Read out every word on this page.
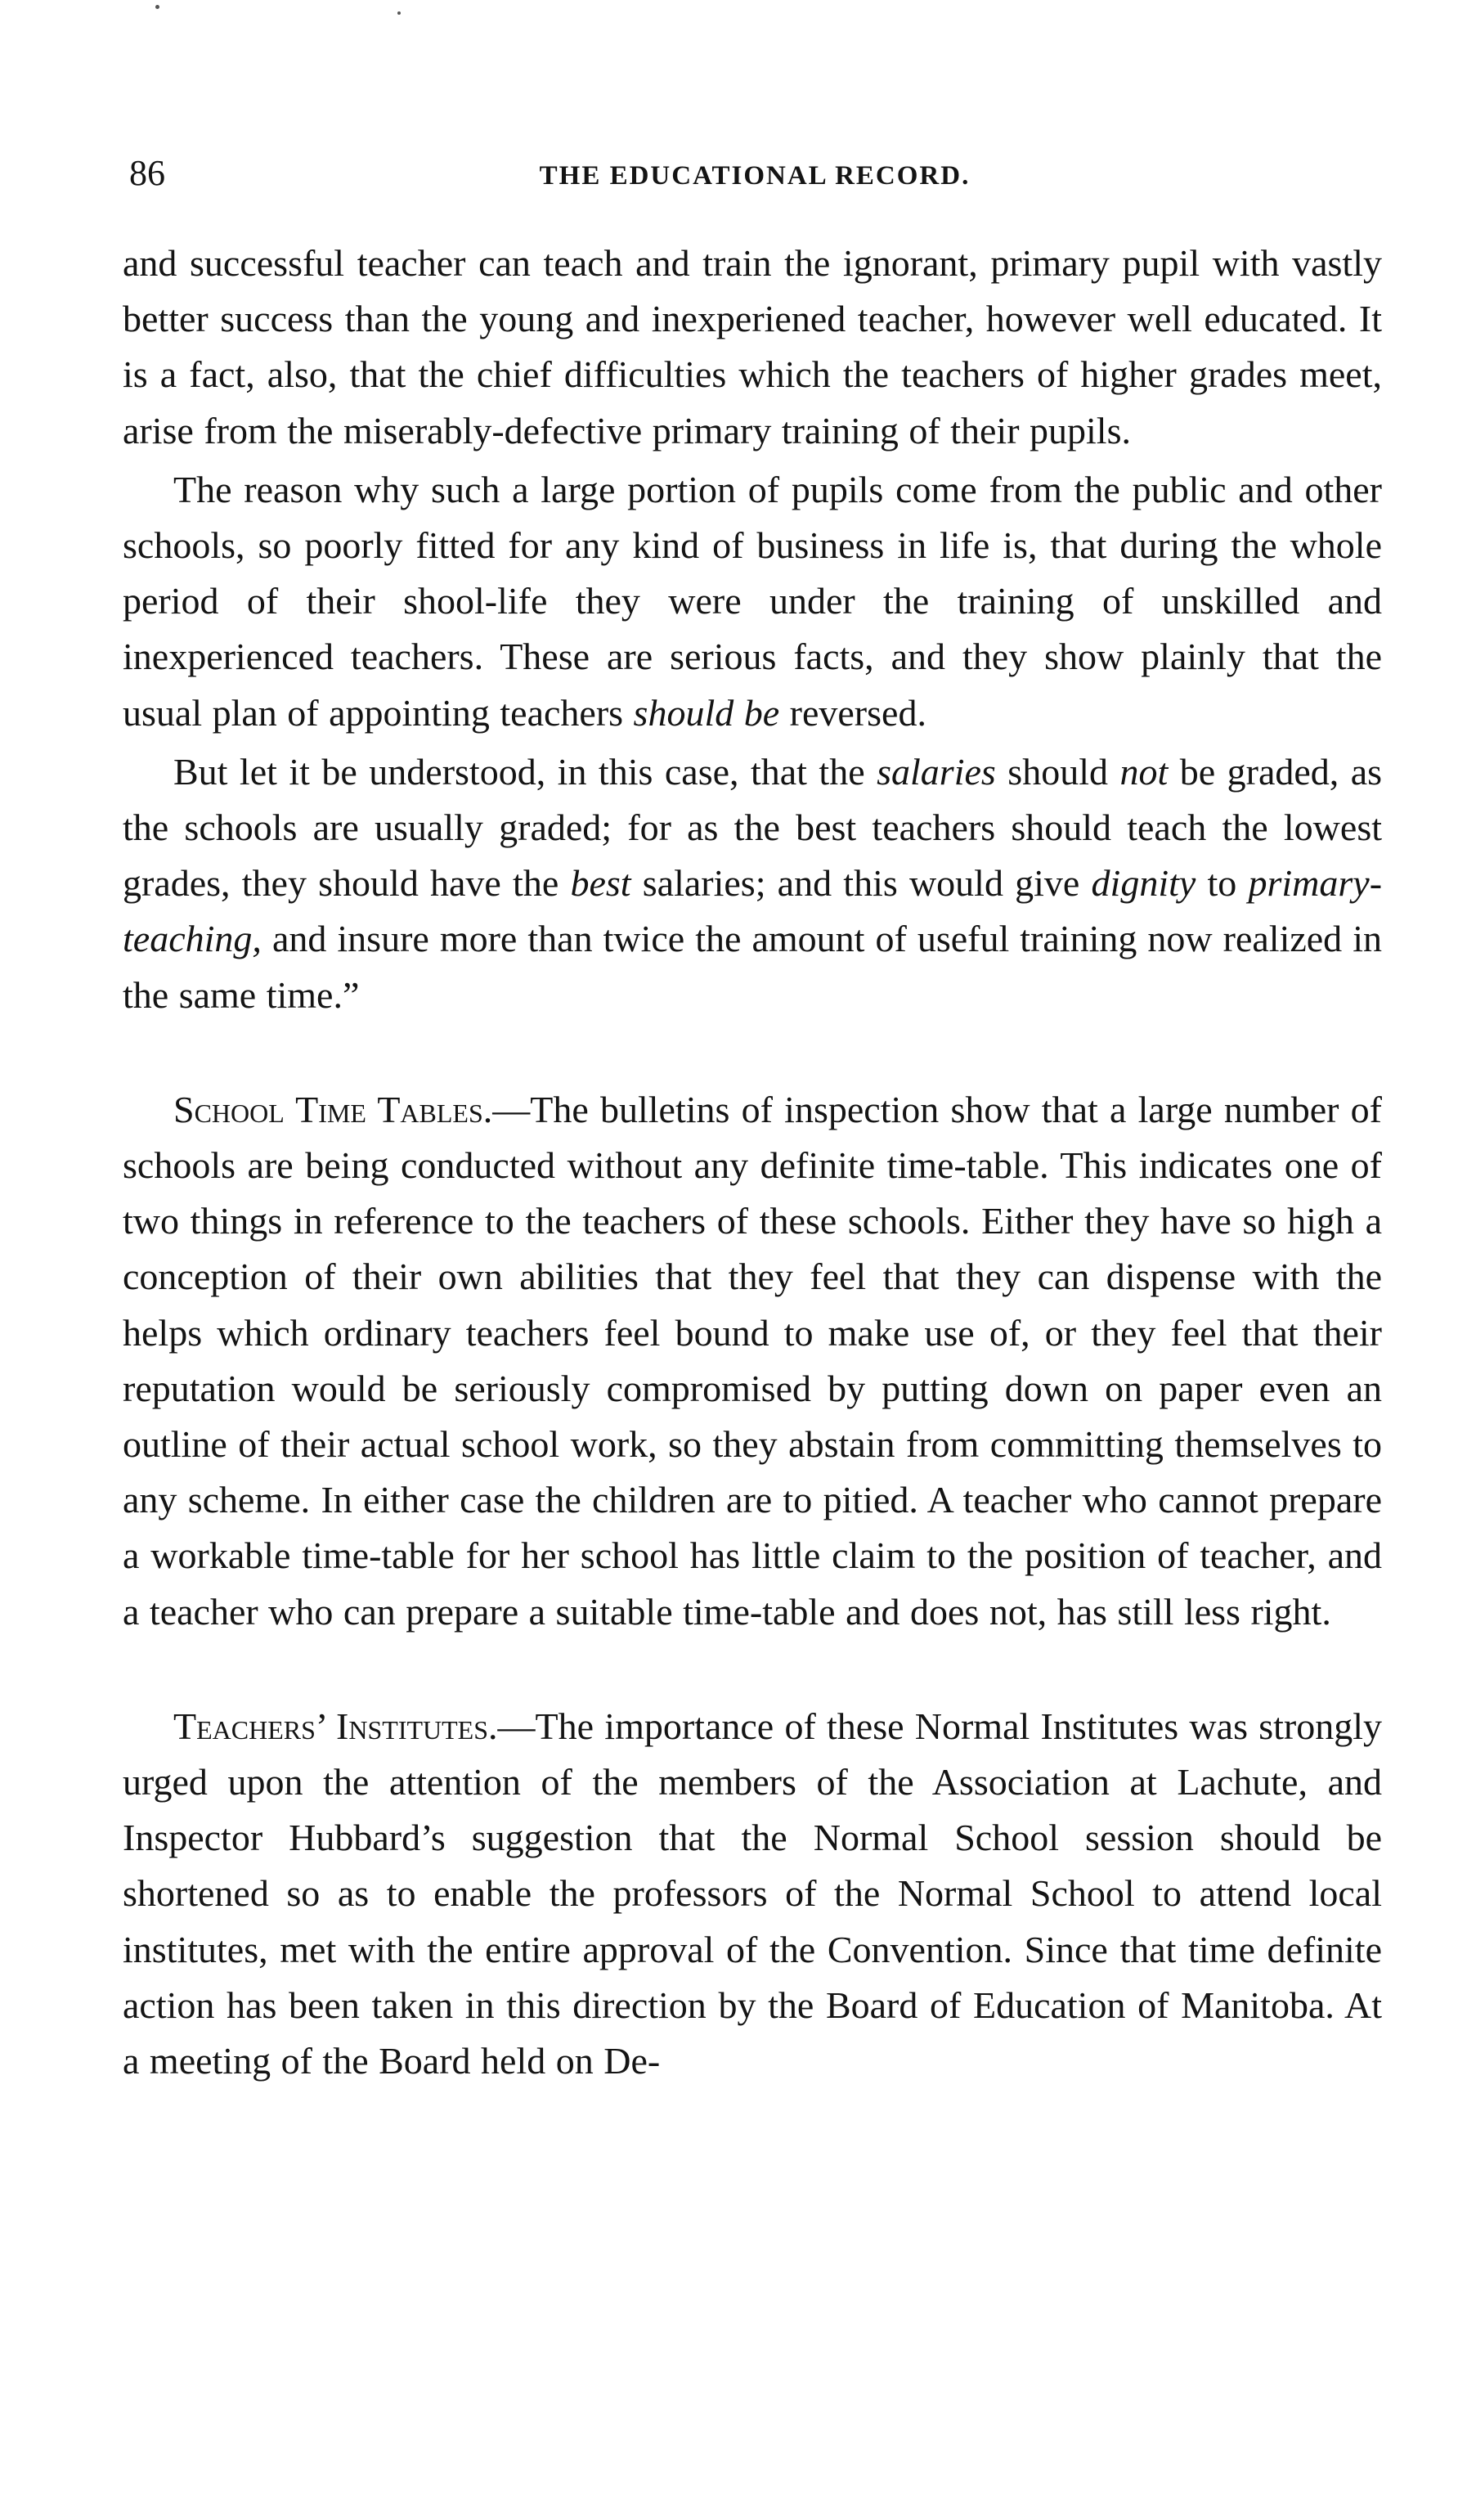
86	THE EDUCATIONAL RECORD.

and successful teacher can teach and train the ignorant, primary pupil with vastly better success than the young and inexperiened teacher, however well educated. It is a fact, also, that the chief difficulties which the teachers of higher grades meet, arise from the miserably-defective primary training of their pupils.

The reason why such a large portion of pupils come from the public and other schools, so poorly fitted for any kind of business in life is, that during the whole period of their shool-life they were under the training of unskilled and inexperienced teachers. These are serious facts, and they show plainly that the usual plan of appointing teachers should be reversed.

But let it be understood, in this case, that the salaries should not be graded, as the schools are usually graded; for as the best teachers should teach the lowest grades, they should have the best salaries; and this would give dignity to primary-teaching, and insure more than twice the amount of useful training now realized in the same time.”

School Time Tables.—The bulletins of inspection show that a large number of schools are being conducted without any definite time-table. This indicates one of two things in reference to the teachers of these schools. Either they have so high a conception of their own abilities that they feel that they can dispense with the helps which ordinary teachers feel bound to make use of, or they feel that their reputation would be seriously compromised by putting down on paper even an outline of their actual school work, so they abstain from committing themselves to any scheme. In either case the children are to pitied. A teacher who cannot prepare a workable time-table for her school has little claim to the position of teacher, and a teacher who can prepare a suitable time-table and does not, has still less right.

Teachers’ Institutes.—The importance of these Normal Institutes was strongly urged upon the attention of the members of the Association at Lachute, and Inspector Hubbard’s suggestion that the Normal School session should be shortened so as to enable the professors of the Normal School to attend local institutes, met with the entire approval of the Convention. Since that time definite action has been taken in this direction by the Board of Education of Manitoba. At a meeting of the Board held on De-
